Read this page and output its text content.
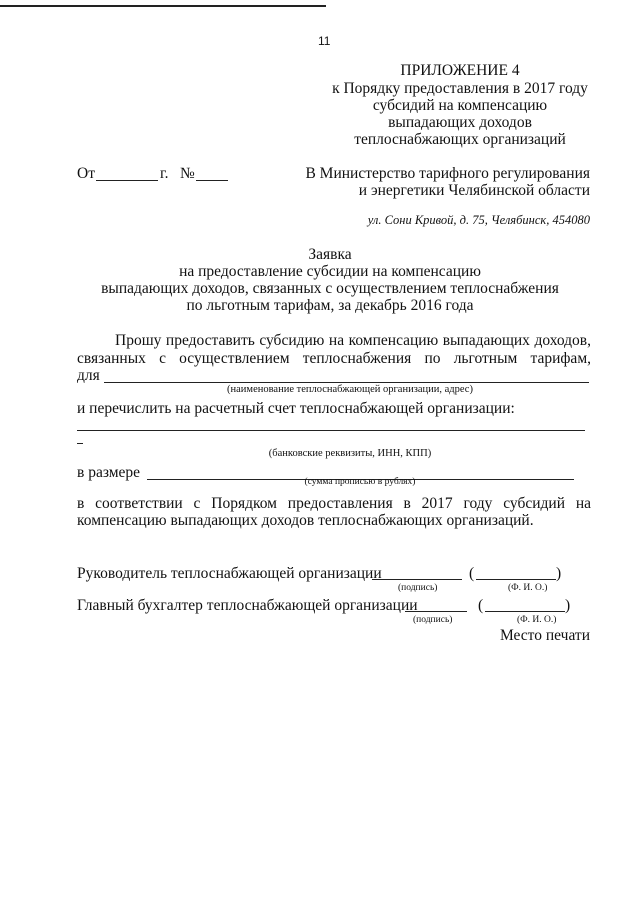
11
ПРИЛОЖЕНИЕ 4
к Порядку предоставления в 2017 году
субсидий на компенсацию
выпадающих доходов
теплоснабжающих организаций
От	г. №	В Министерство тарифного регулирования
и энергетики Челябинской области
ул. Сони Кривой, д. 75, Челябинск, 454080
Заявка
на предоставление субсидии на компенсацию
выпадающих доходов, связанных с осуществлением теплоснабжения
по льготным тарифам, за декабрь 2016 года
Прошу предоставить субсидию на компенсацию выпадающих доходов,
связанных с осуществлением теплоснабжения по льготным тарифам,
для
(наименование теплоснабжающей организации, адрес)
и перечислить на расчетный счет теплоснабжающей организации:
(банковские реквизиты, ИНН, КПП)
в размере
(сумма прописью в рублях)
в соответствии с Порядком предоставления в 2017 году субсидий на
компенсацию выпадающих доходов теплоснабжающих организаций.
Руководитель теплоснабжающей организации	(	)
(подпись)	(Ф. И. О.)
Главный бухгалтер теплоснабжающей организации	(	)
(подпись)	(Ф. И. О.)
Место печати
